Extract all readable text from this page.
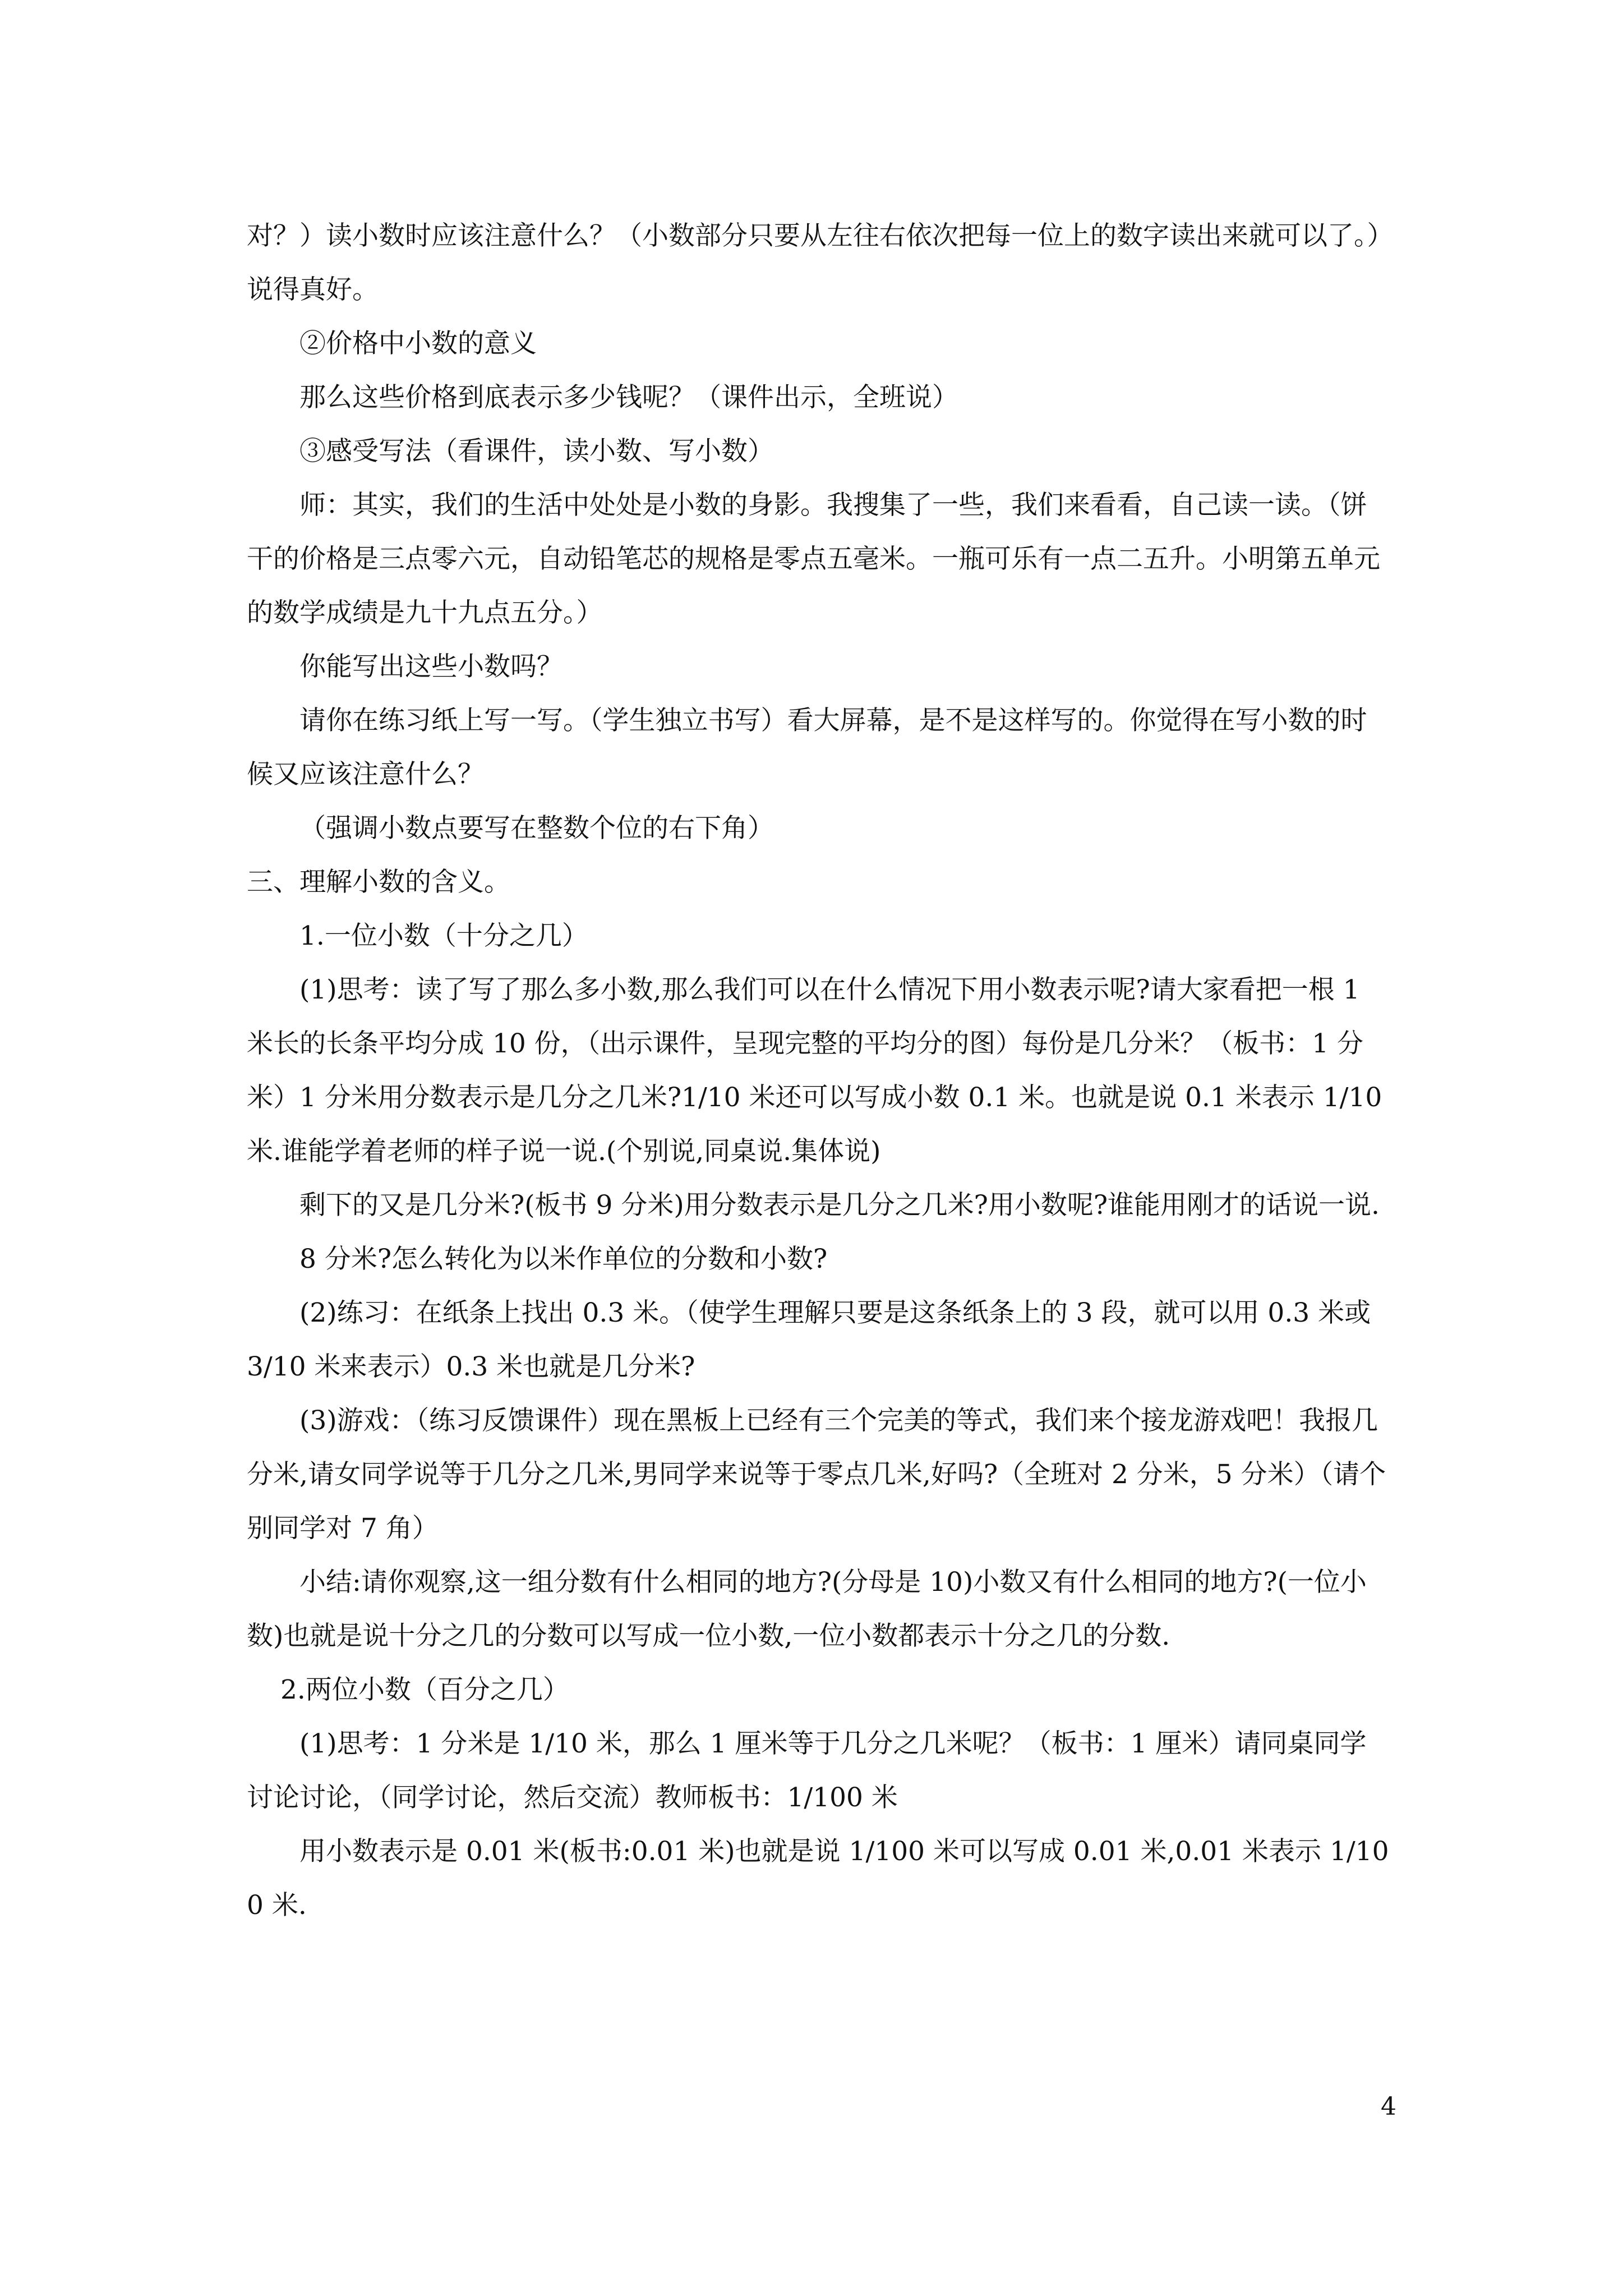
对？）读小数时应该注意什么？（小数部分只要从左往右依次把每一位上的数字读出来就可以了。）说得真好。

②价格中小数的意义

那么这些价格到底表示多少钱呢？（课件出示，全班说）

③感受写法（看课件，读小数、写小数）

师：其实，我们的生活中处处是小数的身影。我搜集了一些，我们来看看，自己读一读。（饼干的价格是三点零六元，自动铅笔芯的规格是零点五毫米。一瓶可乐有一点二五升。小明第五单元的数学成绩是九十九点五分。）

你能写出这些小数吗？

请你在练习纸上写一写。（学生独立书写）看大屏幕，是不是这样写的。你觉得在写小数的时候又应该注意什么？

（强调小数点要写在整数个位的右下角）

三、理解小数的含义。

1.一位小数（十分之几）

(1)思考：读了写了那么多小数,那么我们可以在什么情况下用小数表示呢?请大家看把一根 1 米长的长条平均分成 10 份，（出示课件，呈现完整的平均分的图）每份是几分米？（板书：1 分米）1 分米用分数表示是几分之几米?1/10 米还可以写成小数 0.1 米。也就是说 0.1 米表示 1/10 米.谁能学着老师的样子说一说.(个别说,同桌说.集体说)

剩下的又是几分米?(板书 9 分米)用分数表示是几分之几米?用小数呢?谁能用刚才的话说一说.

8 分米?怎么转化为以米作单位的分数和小数?

(2)练习：在纸条上找出 0.3 米。（使学生理解只要是这条纸条上的 3 段，就可以用 0.3 米或 3/10 米来表示）0.3 米也就是几分米?

(3)游戏：（练习反馈课件）现在黑板上已经有三个完美的等式，我们来个接龙游戏吧！我报几分米,请女同学说等于几分之几米,男同学来说等于零点几米,好吗?（全班对 2 分米，5 分米）（请个别同学对 7 角）

小结:请你观察,这一组分数有什么相同的地方?(分母是 10)小数又有什么相同的地方?(一位小数)也就是说十分之几的分数可以写成一位小数,一位小数都表示十分之几的分数.

2.两位小数（百分之几）

(1)思考：1 分米是 1/10 米，那么 1 厘米等于几分之几米呢？（板书：1 厘米）请同桌同学讨论讨论，（同学讨论，然后交流）教师板书：1/100 米

用小数表示是 0.01 米(板书:0.01 米)也就是说 1/100 米可以写成 0.01 米,0.01 米表示 1/100 米.

4
